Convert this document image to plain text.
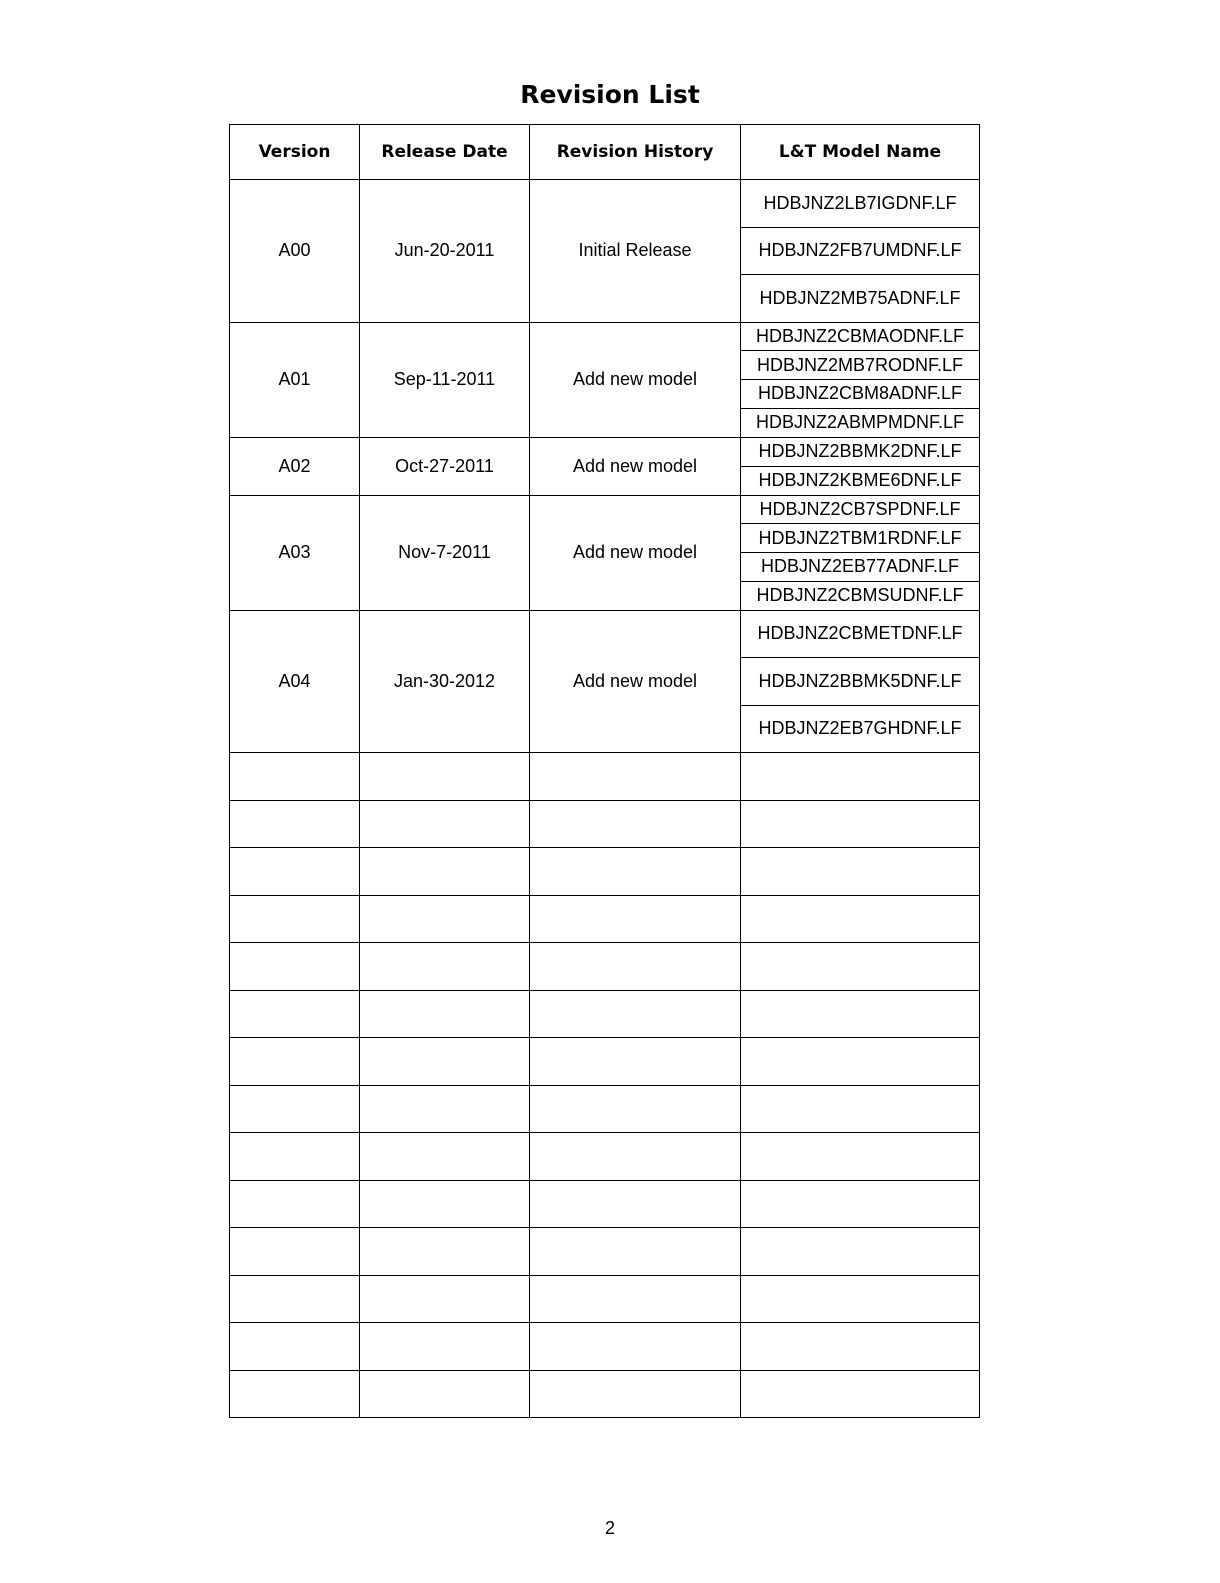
Revision List
Version	Release Date	Revision History	L&T Model Name
A00	Jun-20-2011	Initial Release	HDBJNZ2LB7IGDNF.LF
			HDBJNZ2FB7UMDNF.LF
			HDBJNZ2MB75ADNF.LF
A01	Sep-11-2011	Add new model	HDBJNZ2CBMAODNF.LF
			HDBJNZ2MB7RODNF.LF
			HDBJNZ2CBM8ADNF.LF
			HDBJNZ2ABMPMDNF.LF
A02	Oct-27-2011	Add new model	HDBJNZ2BBMK2DNF.LF
			HDBJNZ2KBME6DNF.LF
A03	Nov-7-2011	Add new model	HDBJNZ2CB7SPDNF.LF
			HDBJNZ2TBM1RDNF.LF
			HDBJNZ2EB77ADNF.LF
			HDBJNZ2CBMSUDNF.LF
A04	Jan-30-2012	Add new model	HDBJNZ2CBMETDNF.LF
			HDBJNZ2BBMK5DNF.LF
			HDBJNZ2EB7GHDNF.LF

2
